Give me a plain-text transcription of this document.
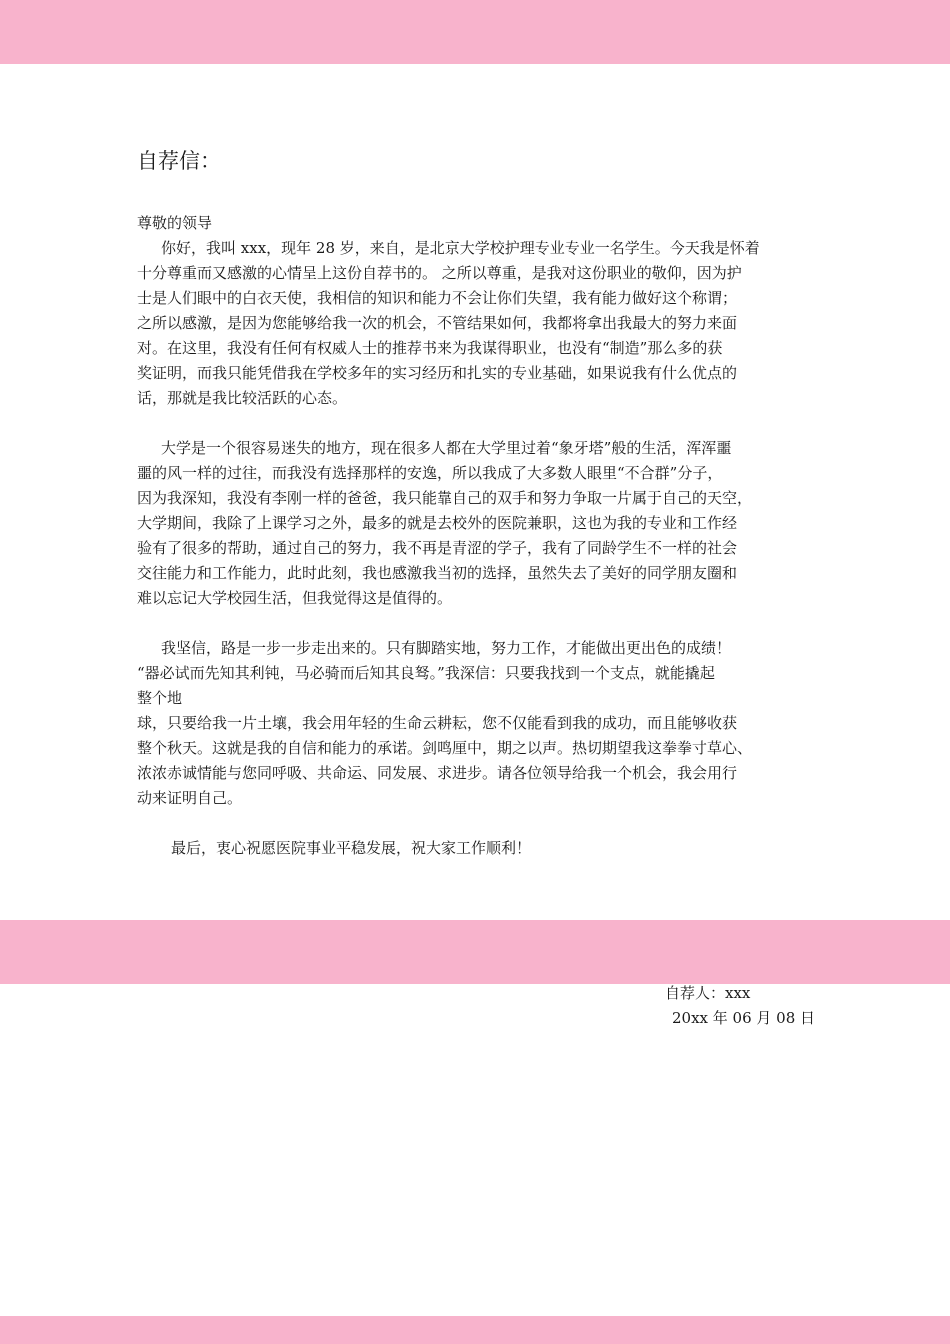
自荐信：
尊敬的领导
你好，我叫 xxx，现年 28 岁，来自，是北京大学校护理专业专业一名学生。今天我是怀着
十分尊重而又感激的心情呈上这份自荐书的。 之所以尊重，是我对这份职业的敬仰，因为护
士是人们眼中的白衣天使，我相信的知识和能力不会让你们失望，我有能力做好这个称谓；
之所以感激，是因为您能够给我一次的机会，不管结果如何，我都将拿出我最大的努力来面
对。在这里，我没有任何有权威人士的推荐书来为我谋得职业，也没有“制造”那么多的获
奖证明，而我只能凭借我在学校多年的实习经历和扎实的专业基础，如果说我有什么优点的
话，那就是我比较活跃的心态。
大学是一个很容易迷失的地方，现在很多人都在大学里过着“象牙塔”般的生活，浑浑噩
噩的风一样的过往，而我没有选择那样的安逸，所以我成了大多数人眼里“不合群”分子，
因为我深知，我没有李刚一样的爸爸，我只能靠自己的双手和努力争取一片属于自己的天空，
大学期间，我除了上课学习之外，最多的就是去校外的医院兼职，这也为我的专业和工作经
验有了很多的帮助，通过自己的努力，我不再是青涩的学子，我有了同龄学生不一样的社会
交往能力和工作能力，此时此刻，我也感激我当初的选择，虽然失去了美好的同学朋友圈和
难以忘记大学校园生活，但我觉得这是值得的。
我坚信，路是一步一步走出来的。只有脚踏实地，努力工作，才能做出更出色的成绩！
“器必试而先知其利钝，马必骑而后知其良驽。”我深信：只要我找到一个支点，就能撬起
整个地
球，只要给我一片土壤，我会用年轻的生命云耕耘，您不仅能看到我的成功，而且能够收获
整个秋天。这就是我的自信和能力的承诺。剑鸣厘中，期之以声。热切期望我这拳拳寸草心、
浓浓赤诚情能与您同呼吸、共命运、同发展、求进步。请各位领导给我一个机会，我会用行
动来证明自己。
最后，衷心祝愿医院事业平稳发展，祝大家工作顺利！
自荐人：xxx
20xx 年 06 月 08 日
